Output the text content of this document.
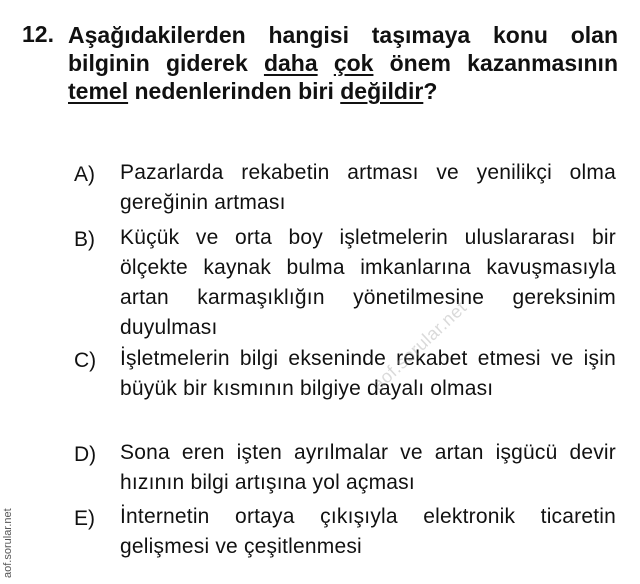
12. Aşağıdakilerden hangisi taşımaya konu olan bilginin giderek daha çok önem kazanmasının temel nedenlerinden biri değildir?
A) Pazarlarda rekabetin artması ve yenilikçi olma gereğinin artması
B) Küçük ve orta boy işletmelerin uluslararası bir ölçekte kaynak bulma imkanlarına kavuşmasıyla artan karmaşıklığın yönetilmesine gereksinim duyulması
C) İşletmelerin bilgi ekseninde rekabet etmesi ve işin büyük bir kısmının bilgiye dayalı olması
D) Sona eren işten ayrılmalar ve artan işgücü devir hızının bilgi artışına yol açması
E) İnternetin ortaya çıkışıyla elektronik ticaretin gelişmesi ve çeşitlenmesi
aof.sorular.net
aof.sorular.net
